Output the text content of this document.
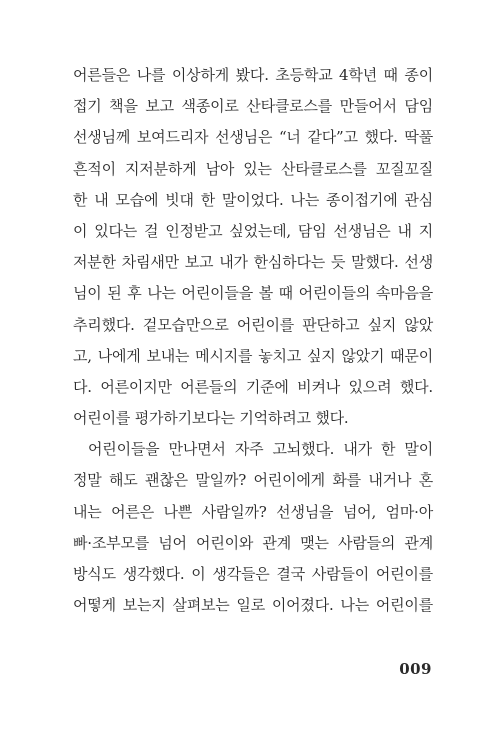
어른들은 나를 이상하게 봤다. 초등학교 4학년 때 종이
접기 책을 보고 색종이로 산타클로스를 만들어서 담임
선생님께 보여드리자 선생님은 “너 같다”고 했다. 딱풀
흔적이 지저분하게 남아 있는 산타클로스를 꼬질꼬질
한 내 모습에 빗대 한 말이었다. 나는 종이접기에 관심
이 있다는 걸 인정받고 싶었는데, 담임 선생님은 내 지
저분한 차림새만 보고 내가 한심하다는 듯 말했다. 선생
님이 된 후 나는 어린이들을 볼 때 어린이들의 속마음을
추리했다. 겉모습만으로 어린이를 판단하고 싶지 않았
고, 나에게 보내는 메시지를 놓치고 싶지 않았기 때문이
다. 어른이지만 어른들의 기준에 비켜나 있으려 했다.
어린이를 평가하기보다는 기억하려고 했다.
어린이들을 만나면서 자주 고뇌했다. 내가 한 말이
정말 해도 괜찮은 말일까? 어린이에게 화를 내거나 혼
내는 어른은 나쁜 사람일까? 선생님을 넘어, 엄마·아
빠·조부모를 넘어 어린이와 관계 맺는 사람들의 관계
방식도 생각했다. 이 생각들은 결국 사람들이 어린이를
어떻게 보는지 살펴보는 일로 이어졌다. 나는 어린이를
009
